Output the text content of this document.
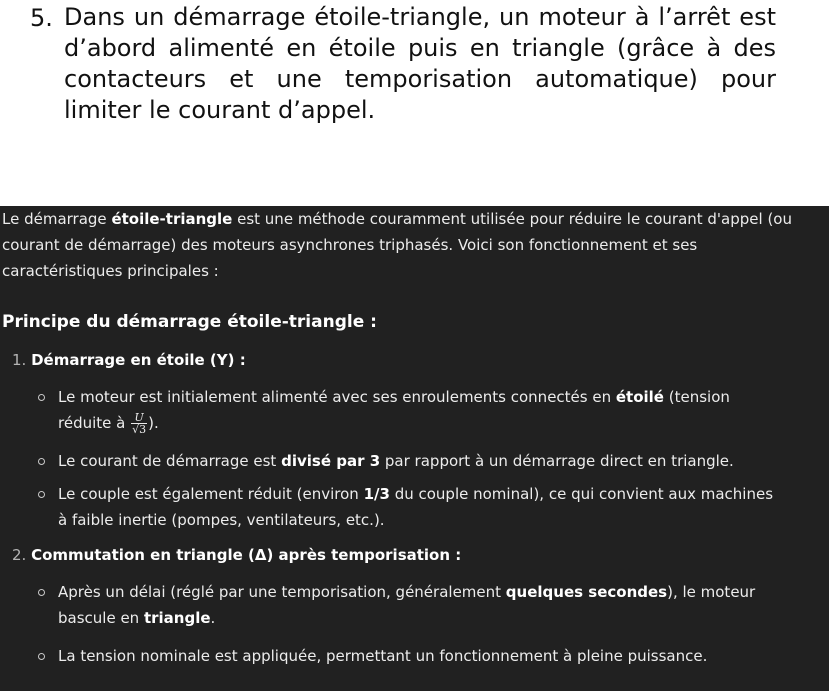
5. Dans un démarrage étoile-triangle, un moteur à l’arrêt est d’abord alimenté en étoile puis en triangle (grâce à des contacteurs et une temporisation automatique) pour limiter le courant d’appel.
Le démarrage étoile-triangle est une méthode couramment utilisée pour réduire le courant d'appel (ou courant de démarrage) des moteurs asynchrones triphasés. Voici son fonctionnement et ses caractéristiques principales :
Principe du démarrage étoile-triangle :
1. Démarrage en étoile (Y) :
Le moteur est initialement alimenté avec ses enroulements connectés en étoilé (tension réduite à $\frac{U}{√3}$ ).
Le courant de démarrage est divisé par 3 par rapport à un démarrage direct en triangle.
Le couple est également réduit (environ 1/3 du couple nominal), ce qui convient aux machines à faible inertie (pompes, ventilateurs, etc.).
2. Commutation en triangle (Δ) après temporisation :
Après un délai (réglé par une temporisation, généralement quelques secondes), le moteur bascule en triangle.
La tension nominale est appliquée, permettant un fonctionnement à pleine puissance.
